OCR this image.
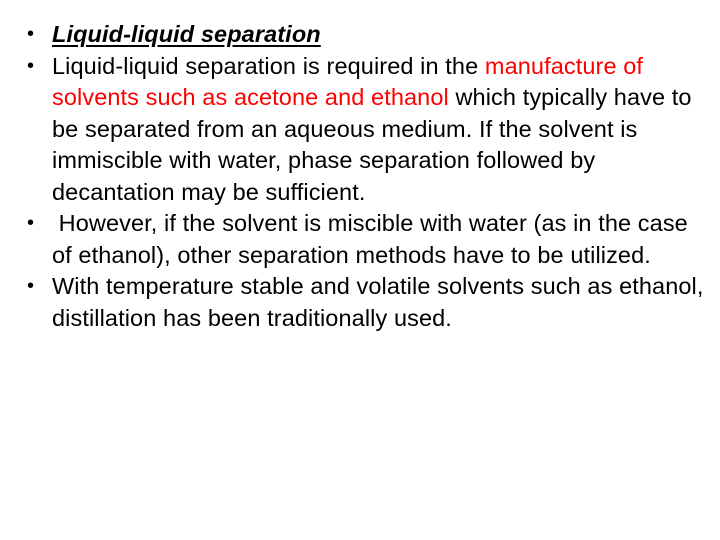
• Liquid-liquid separation
• Liquid-liquid separation is required in the manufacture of solvents such as acetone and ethanol which typically have to be separated from an aqueous medium. If the solvent is immiscible with water, phase separation followed by decantation may be sufficient.
• However, if the solvent is miscible with water (as in the case of ethanol), other separation methods have to be utilized.
• With temperature stable and volatile solvents such as ethanol, distillation has been traditionally used.
